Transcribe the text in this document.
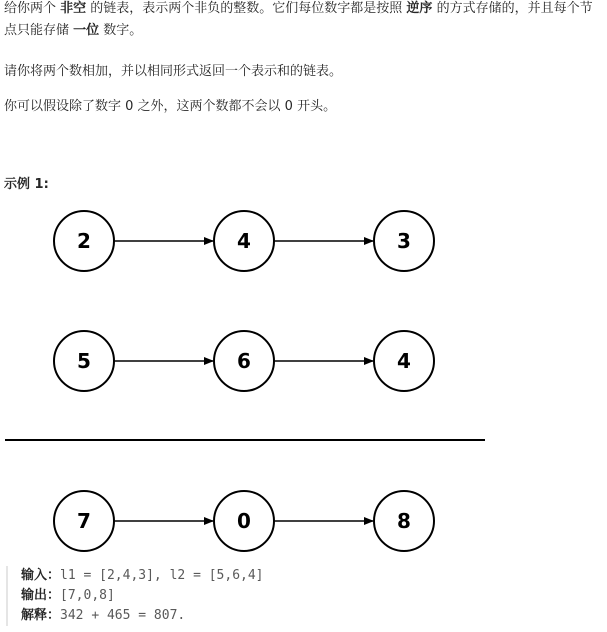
给你两个 非空 的链表，表示两个非负的整数。它们每位数字都是按照 逆序 的方式存储的，并且每个节点只能存储 一位 数字。

请你将两个数相加，并以相同形式返回一个表示和的链表。

你可以假设除了数字 0 之外，这两个数都不会以 0 开头。

示例 1:
2	4	3
5	6	4
7	0	8
输入：l1 = [2,4,3], l2 = [5,6,4]
输出：[7,0,8]
解释：342 + 465 = 807.
